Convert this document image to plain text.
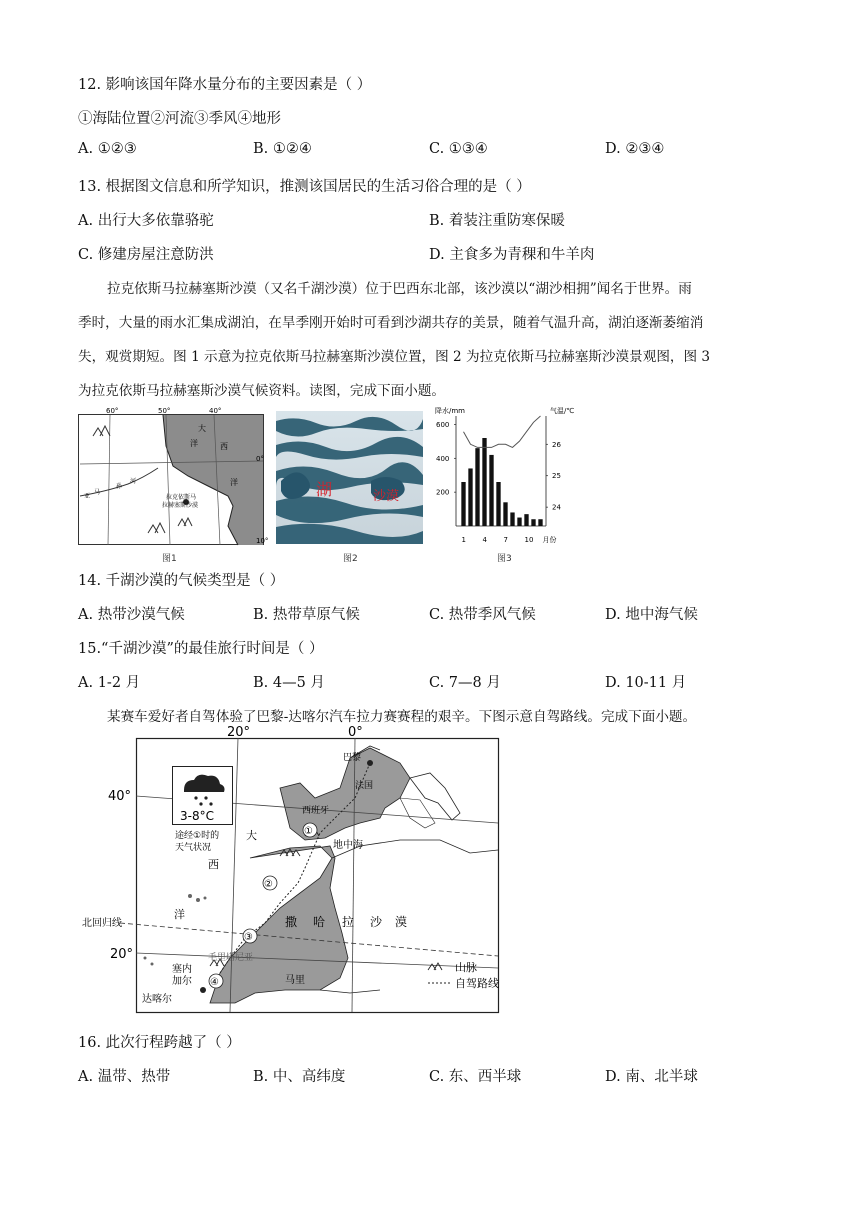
12. 影响该国年降水量分布的主要因素是（ ）
①海陆位置②河流③季风④地形
A. ①②③	B. ①②④	C. ①③④	D. ②③④
13. 根据图文信息和所学知识，推测该国居民的生活习俗合理的是（ ）
A. 出行大多依靠骆驼	B. 着装注重防寒保暖
C. 修建房屋注意防洪	D. 主食多为青稞和牛羊肉
拉克依斯马拉赫塞斯沙漠（又名千湖沙漠）位于巴西东北部，该沙漠以“湖沙相拥”闻名于世界。雨
季时，大量的雨水汇集成湖泊，在旱季刚开始时可看到沙湖共存的美景，随着气温升高，湖泊逐渐萎缩消
失，观赏期短。图 1 示意为拉克依斯马拉赫塞斯沙漠位置，图 2 为拉克依斯马拉赫塞斯沙漠景观图，图 3
为拉克依斯马拉赫塞斯沙漠气候资料。读图，完成下面小题。
60°	50°	40°
0°
10°
大
洋	西
洋
亚
马
孙
河
拉克依斯马
拉赫塞斯沙漠
图1
湖	沙漠
图2
降水/mm	气温/℃
200
400
600
24
25
26
1 4 7 10 月份
图3
14. 千湖沙漠的气候类型是（ ）
A. 热带沙漠气候	B. 热带草原气候	C. 热带季风气候	D. 地中海气候
15.“千湖沙漠”的最佳旅行时间是（ ）
A. 1-2 月	B. 4—5 月	C. 7—8 月	D. 10-11 月
某赛车爱好者自驾体验了巴黎-达喀尔汽车拉力赛赛程的艰辛。下图示意自驾路线。完成下面小题。
3-8°C
途经①时的
天气状况
20°	0°
40°
20°
北回归线
巴黎
法国
西班牙
地中海
大
西
洋
撒 哈 拉 沙 漠
毛里塔尼亚
马里
塞内
加尔
达喀尔
①
②
③
④
山脉
自驾路线
16. 此次行程跨越了（ ）
A. 温带、热带	B. 中、高纬度	C. 东、西半球	D. 南、北半球
